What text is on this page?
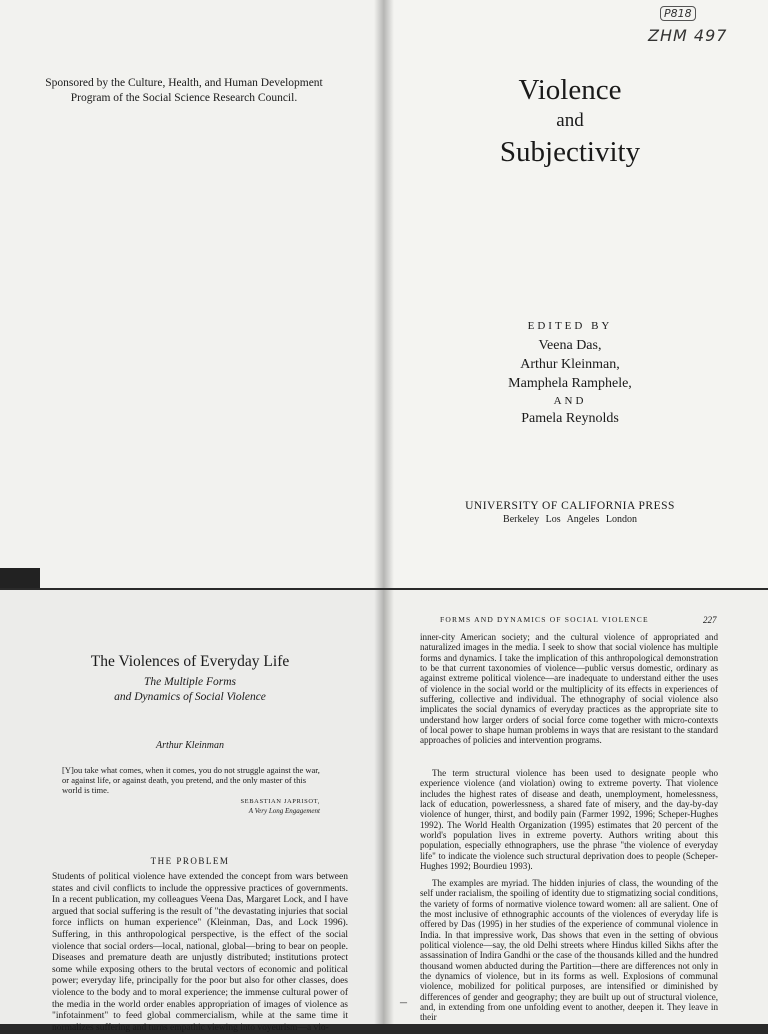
Sponsored by the Culture, Health, and Human Development Program of the Social Science Research Council.
P818
ZHM 497
Violence
and
Subjectivity
EDITED BY
Veena Das,
Arthur Kleinman,
Mamphela Ramphele,
AND
Pamela Reynolds
UNIVERSITY OF CALIFORNIA PRESS
Berkeley Los Angeles London
The Violences of Everyday Life
The Multiple Forms
and Dynamics of Social Violence
Arthur Kleinman
[Y]ou take what comes, when it comes, you do not struggle against the war, or against life, or against death, you pretend, and the only master of this world is time.
SEBASTIAN JAPRISOT,
A Very Long Engagement
THE PROBLEM
Students of political violence have extended the concept from wars between states and civil conflicts to include the oppressive practices of governments. In a recent publication, my colleagues Veena Das, Margaret Lock, and I have argued that social suffering is the result of "the devastating injuries that social force inflicts on human experience" (Kleinman, Das, and Lock 1996). Suffering, in this anthropological perspective, is the effect of the social violence that social orders—local, national, global—bring to bear on people. Diseases and premature death are unjustly distributed; institutions protect some while exposing others to the brutal vectors of economic and political power; everyday life, principally for the poor but also for other classes, does violence to the body and to moral experience; the immense cultural power of the media in the world order enables appropriation of images of violence as "infotainment" to feed global commercialism, while at the same time it normalizes suffering and turns empathic viewing into voyeurism—a vio-
FORMS AND DYNAMICS OF SOCIAL VIOLENCE	227
inner-city American society; and the cultural violence of appropriated and naturalized images in the media. I seek to show that social violence has multiple forms and dynamics. I take the implication of this anthropological demonstration to be that current taxonomies of violence—public versus domestic, ordinary as against extreme political violence—are inadequate to understand either the uses of violence in the social world or the multiplicity of its effects in experiences of suffering, collective and individual. The ethnography of social violence also implicates the social dynamics of everyday practices as the appropriate site to understand how larger orders of social force come together with micro-contexts of local power to shape human problems in ways that are resistant to the standard approaches of policies and intervention programs.
The term structural violence has been used to designate people who experience violence (and violation) owing to extreme poverty. That violence includes the highest rates of disease and death, unemployment, homelessness, lack of education, powerlessness, a shared fate of misery, and the day-by-day violence of hunger, thirst, and bodily pain (Farmer 1992, 1996; Scheper-Hughes 1992). The World Health Organization (1995) estimates that 20 percent of the world's population lives in extreme poverty. Authors writing about this population, especially ethnographers, use the phrase "the violence of everyday life" to indicate the violence such structural deprivation does to people (Scheper-Hughes 1992; Bourdieu 1993).
The examples are myriad. The hidden injuries of class, the wounding of the self under racialism, the spoiling of identity due to stigmatizing social conditions, the variety of forms of normative violence toward women: all are salient. One of the most inclusive of ethnographic accounts of the violences of everyday life is offered by Das (1995) in her studies of the experience of communal violence in India. In that impressive work, Das shows that even in the setting of obvious political violence—say, the old Delhi streets where Hindus killed Sikhs after the assassination of Indira Gandhi or the case of the thousands killed and the hundred thousand women abducted during the Partition—there are differences not only in the dynamics of violence, but in its forms as well. Explosions of communal violence, mobilized for political purposes, are intensified or diminished by differences of gender and geography; they are built up out of structural violence, and, in extending from one unfolding event to another, deepen it. They leave in their
–
